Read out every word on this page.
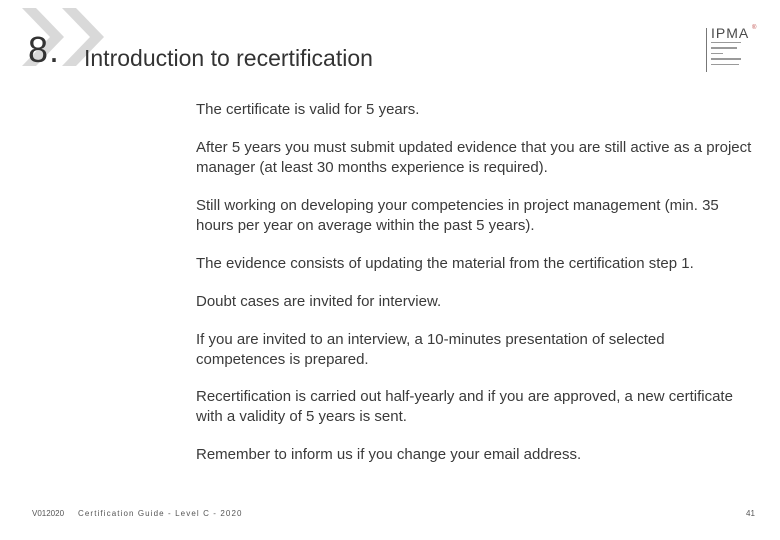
8. Introduction to recertification
IPMA ®
The certificate is valid for 5 years.
After 5 years you must submit updated evidence that you are still active as a project manager (at least 30 months experience is required).
Still working on developing your competencies in project management (min. 35 hours per year on average within the past 5 years).
The evidence consists of updating the material from the certification step 1.
Doubt cases are invited for interview.
If you are invited to an interview, a 10-minutes presentation of selected competences is prepared.
Recertification is carried out half-yearly and if you are approved, a new certificate with a validity of 5 years is sent.
Remember to inform us if you change your email address.
V012020 Certification Guide - Level C - 2020	41
